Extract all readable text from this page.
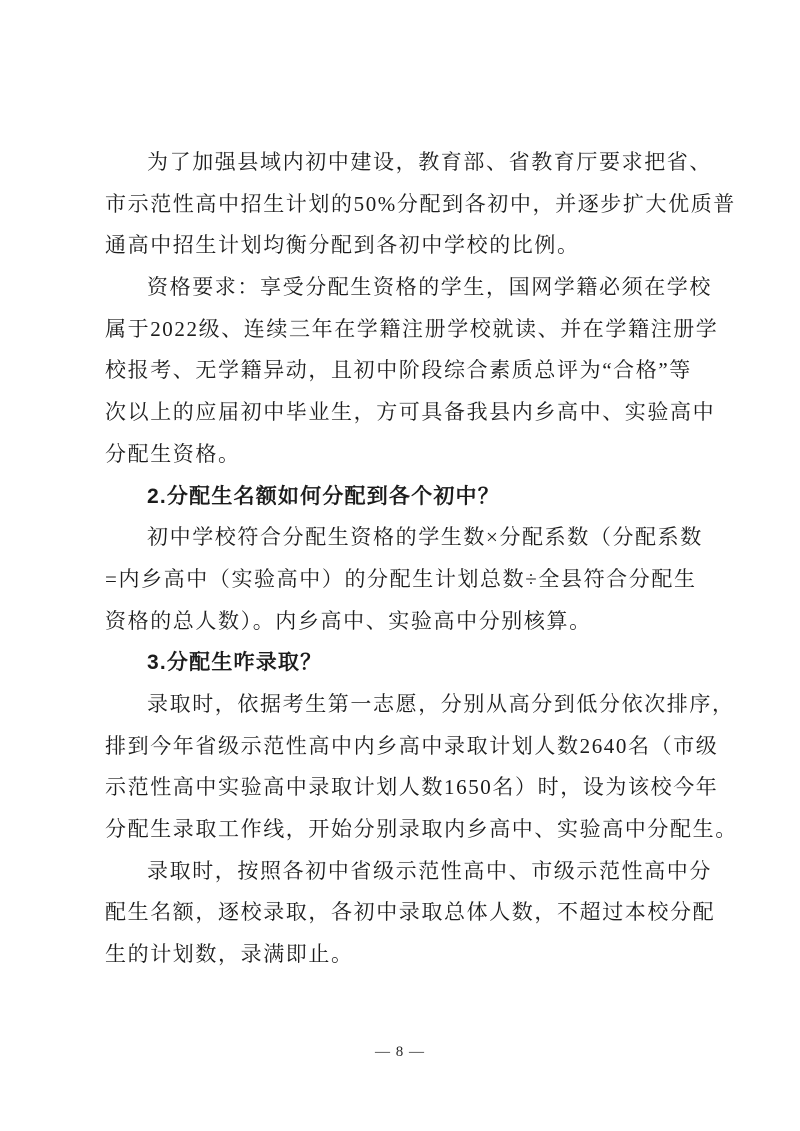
为了加强县域内初中建设，教育部、省教育厅要求把省、
市示范性高中招生计划的50%分配到各初中，并逐步扩大优质普
通高中招生计划均衡分配到各初中学校的比例。
资格要求：享受分配生资格的学生，国网学籍必须在学校
属于2022级、连续三年在学籍注册学校就读、并在学籍注册学
校报考、无学籍异动，且初中阶段综合素质总评为“合格”等
次以上的应届初中毕业生，方可具备我县内乡高中、实验高中
分配生资格。
2.分配生名额如何分配到各个初中？
初中学校符合分配生资格的学生数×分配系数（分配系数
=内乡高中（实验高中）的分配生计划总数÷全县符合分配生
资格的总人数）。内乡高中、实验高中分别核算。
3.分配生咋录取？
录取时，依据考生第一志愿，分别从高分到低分依次排序，
排到今年省级示范性高中内乡高中录取计划人数2640名（市级
示范性高中实验高中录取计划人数1650名）时，设为该校今年
分配生录取工作线，开始分别录取内乡高中、实验高中分配生。
录取时，按照各初中省级示范性高中、市级示范性高中分
配生名额，逐校录取，各初中录取总体人数，不超过本校分配
生的计划数，录满即止。
— 8 —
